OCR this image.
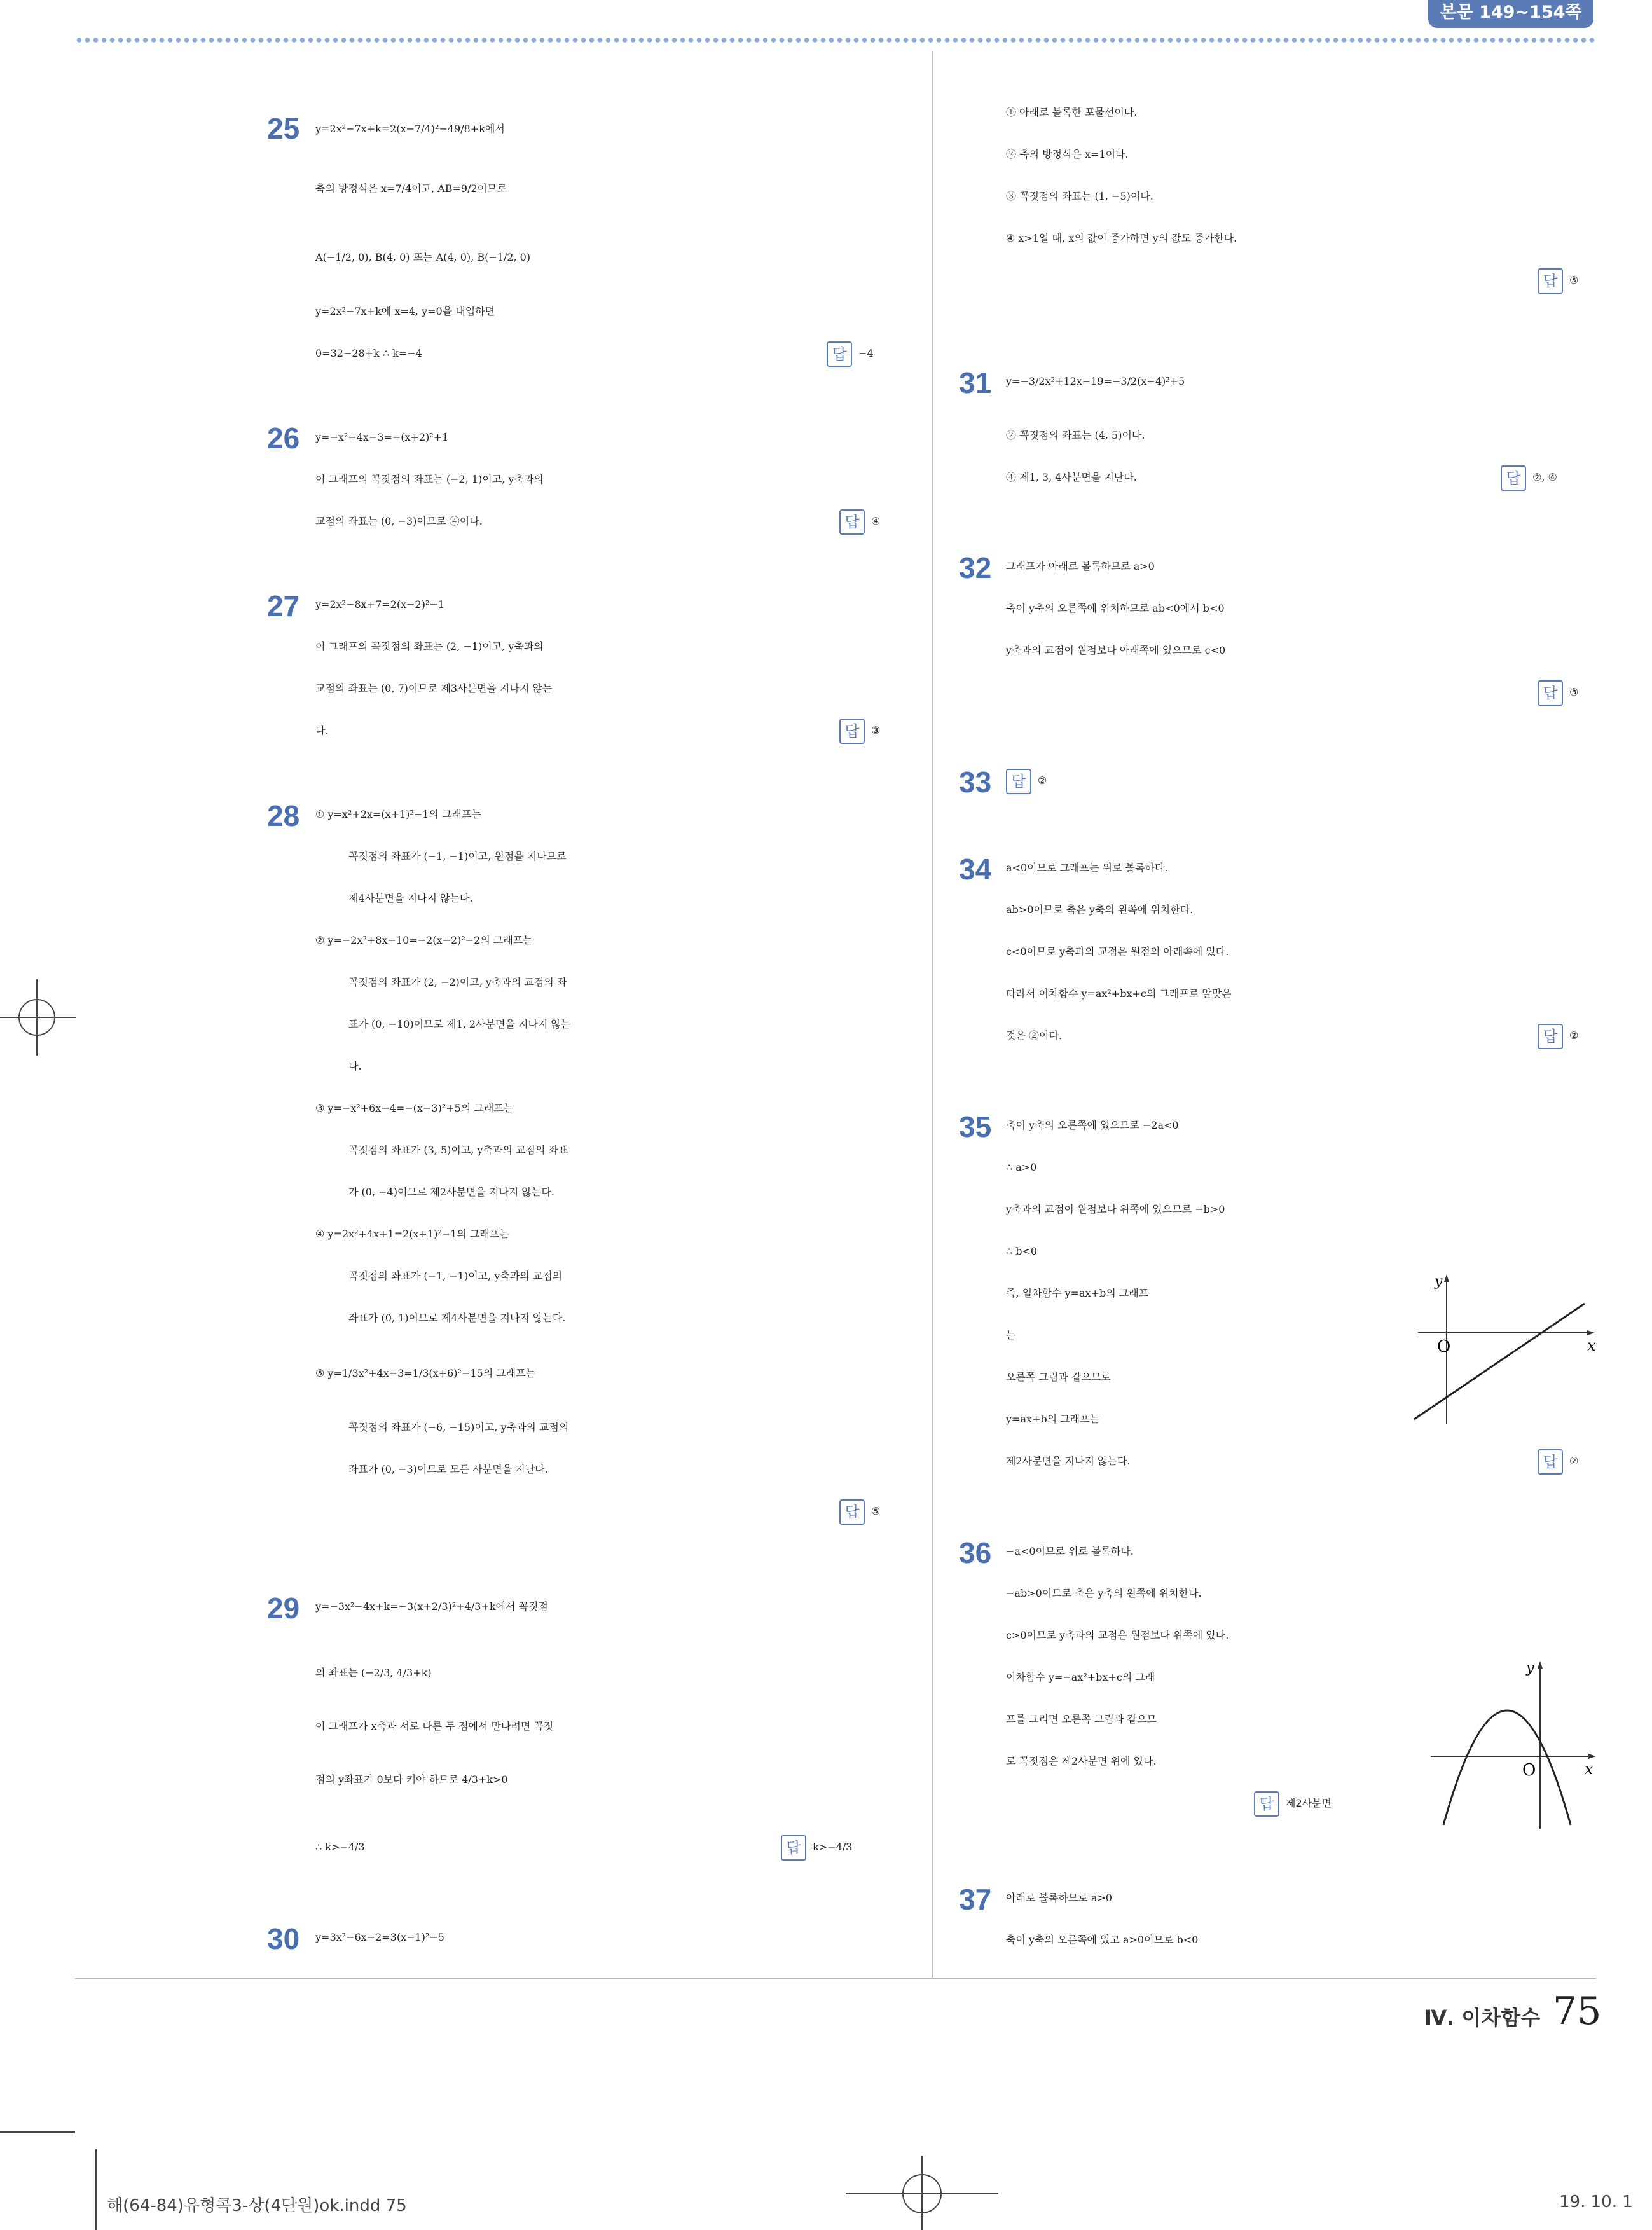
본문 149~154쪽
25 y=2x²−7x+k=2(x−7/4)²−49/8+k에서
축의 방정식은 x=7/4이고, AB=9/2이므로
A(−1/2, 0), B(4, 0) 또는 A(4, 0), B(−1/2, 0)
y=2x²−7x+k에 x=4, y=0을 대입하면
0=32−28+k ∴ k=−4	답 −4
26 y=−x²−4x−3=−(x+2)²+1
이 그래프의 꼭짓점의 좌표는 (−2, 1)이고, y축과의
교점의 좌표는 (0, −3)이므로 ④이다.	답 ④
27 y=2x²−8x+7=2(x−2)²−1
이 그래프의 꼭짓점의 좌표는 (2, −1)이고, y축과의
교점의 좌표는 (0, 7)이므로 제3사분면을 지나지 않는
다.	답 ③
28 ① y=x²+2x=(x+1)²−1의 그래프는
꼭짓점의 좌표가 (−1, −1)이고, 원점을 지나므로
제4사분면을 지나지 않는다.
② y=−2x²+8x−10=−2(x−2)²−2의 그래프는
꼭짓점의 좌표가 (2, −2)이고, y축과의 교점의 좌
표가 (0, −10)이므로 제1, 2사분면을 지나지 않는
다.
③ y=−x²+6x−4=−(x−3)²+5의 그래프는
꼭짓점의 좌표가 (3, 5)이고, y축과의 교점의 좌표
가 (0, −4)이므로 제2사분면을 지나지 않는다.
④ y=2x²+4x+1=2(x+1)²−1의 그래프는
꼭짓점의 좌표가 (−1, −1)이고, y축과의 교점의
좌표가 (0, 1)이므로 제4사분면을 지나지 않는다.
⑤ y=1/3x²+4x−3=1/3(x+6)²−15의 그래프는
꼭짓점의 좌표가 (−6, −15)이고, y축과의 교점의
좌표가 (0, −3)이므로 모든 사분면을 지난다.
답 ⑤
29 y=−3x²−4x+k=−3(x+2/3)²+4/3+k에서 꼭짓점
의 좌표는 (−2/3, 4/3+k)
이 그래프가 x축과 서로 다른 두 점에서 만나려면 꼭짓
점의 y좌표가 0보다 커야 하므로 4/3+k>0
∴ k>−4/3	답 k>−4/3
30 y=3x²−6x−2=3(x−1)²−5
① 아래로 볼록한 포물선이다.
② 축의 방정식은 x=1이다.
③ 꼭짓점의 좌표는 (1, −5)이다.
④ x>1일 때, x의 값이 증가하면 y의 값도 증가한다.
답 ⑤
31 y=−3/2x²+12x−19=−3/2(x−4)²+5
② 꼭짓점의 좌표는 (4, 5)이다.
④ 제1, 3, 4사분면을 지난다.	답 ②, ④
32 그래프가 아래로 볼록하므로 a>0
축이 y축의 오른쪽에 위치하므로 ab<0에서 b<0
y축과의 교점이 원점보다 아래쪽에 있으므로 c<0
답 ③
33	답 ②
34 a<0이므로 그래프는 위로 볼록하다.
ab>0이므로 축은 y축의 왼쪽에 위치한다.
c<0이므로 y축과의 교점은 원점의 아래쪽에 있다.
따라서 이차함수 y=ax²+bx+c의 그래프로 알맞은
것은 ②이다.	답 ②
35 축이 y축의 오른쪽에 있으므로 −2a<0
∴ a>0
y축과의 교점이 원점보다 위쪽에 있으므로 −b>0
∴ b<0
즉, 일차함수 y=ax+b의 그래프
는
오른쪽 그림과 같으므로
y=ax+b의 그래프는
제2사분면을 지나지 않는다.	답 ②
y
x
O
36 −a<0이므로 위로 볼록하다.
−ab>0이므로 축은 y축의 왼쪽에 위치한다.
c>0이므로 y축과의 교점은 원점보다 위쪽에 있다.
이차함수 y=−ax²+bx+c의 그래
프를 그리면 오른쪽 그림과 같으므
로 꼭짓점은 제2사분면 위에 있다.
답 제2사분면
y
x
O
37 아래로 볼록하므로 a>0
축이 y축의 오른쪽에 있고 a>0이므로 b<0
Ⅳ. 이차함수 75
해(64-84)유형콕3-상(4단원)ok.indd 75	19. 10. 1
